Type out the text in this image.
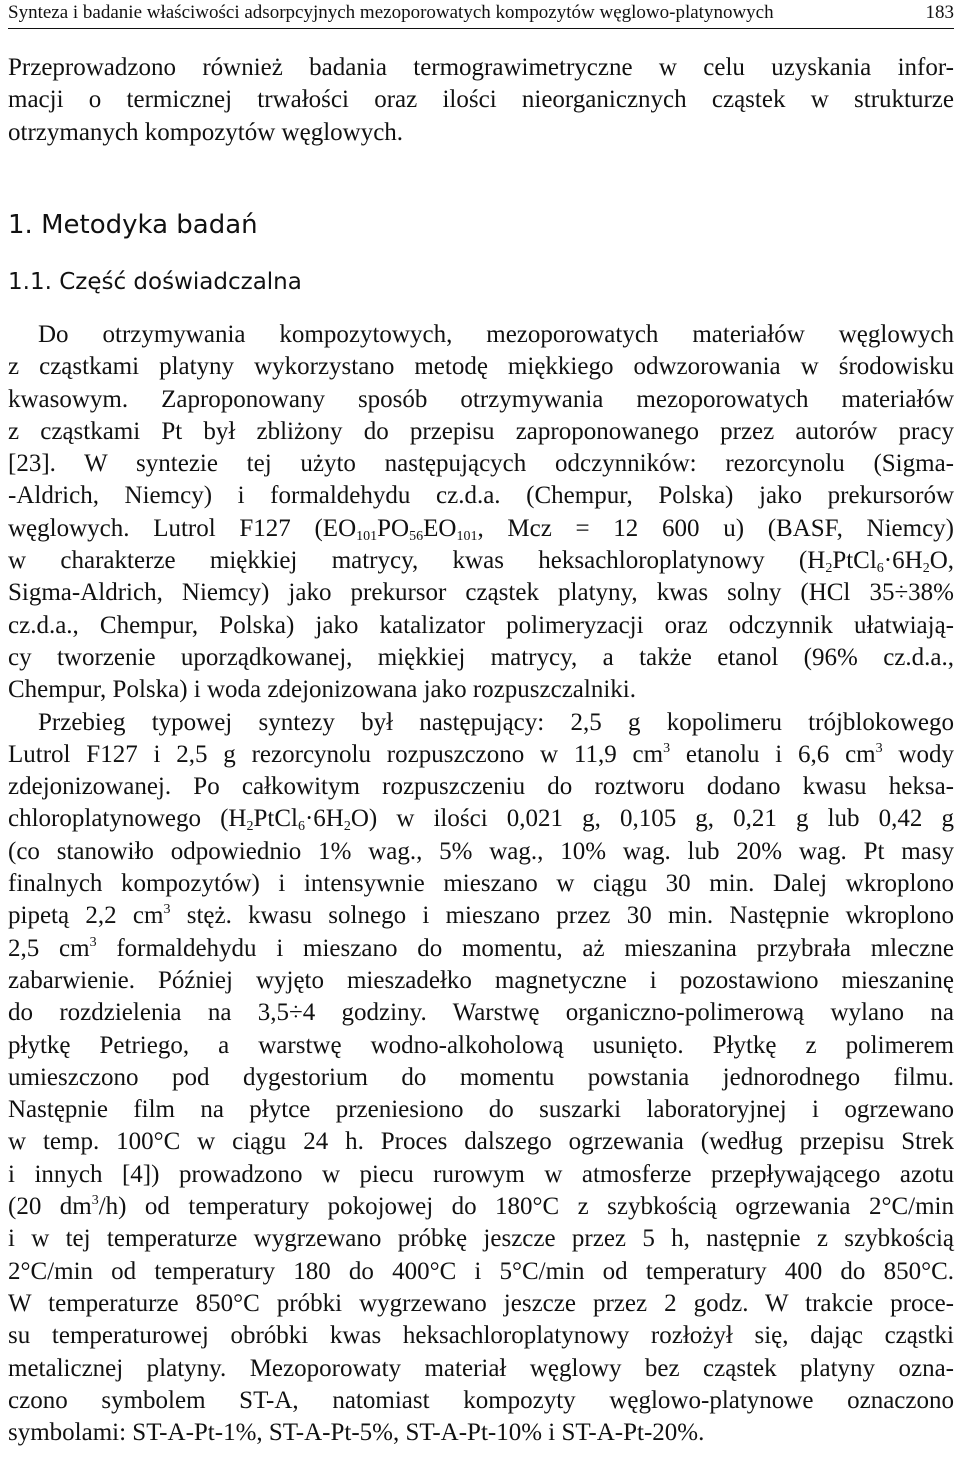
Synteza i badanie właściwości adsorpcyjnych mezoporowatych kompozytów węglowo-platynowych	183

Przeprowadzono również badania termograwimetryczne w celu uzyskania infor-
macji o termicznej trwałości oraz ilości nieorganicznych cząstek w strukturze
otrzymanych kompozytów węglowych.

1. Metodyka badań
1.1. Część doświadczalna

Do otrzymywania kompozytowych, mezoporowatych materiałów węglowych
z cząstkami platyny wykorzystano metodę miękkiego odwzorowania w środowisku
kwasowym. Zaproponowany sposób otrzymywania mezoporowatych materiałów
z cząstkami Pt był zbliżony do przepisu zaproponowanego przez autorów pracy
[23]. W syntezie tej użyto następujących odczynników: rezorcynolu (Sigma-
-Aldrich, Niemcy) i formaldehydu cz.d.a. (Chempur, Polska) jako prekursorów
węglowych. Lutrol F127 ($EO_{101}PO_{56}EO_{101}$, Mcz = 12 600 u) (BASF, Niemcy)
w charakterze miękkiej matrycy, kwas heksachloroplatynowy ($H_2PtCl_6\cdot 6H_2O$,
Sigma-Aldrich, Niemcy) jako prekursor cząstek platyny, kwas solny (HCl 35÷38%
cz.d.a., Chempur, Polska) jako katalizator polimeryzacji oraz odczynnik ułatwiają-
cy tworzenie uporządkowanej, miękkiej matrycy, a także etanol (96% cz.d.a.,
Chempur, Polska) i woda zdejonizowana jako rozpuszczalniki.

Przebieg typowej syntezy był następujący: 2,5 g kopolimeru trójblokowego
Lutrol F127 i 2,5 g rezorcynolu rozpuszczono w 11,9 $cm^3$ etanolu i 6,6 $cm^3$ wody
zdejonizowanej. Po całkowitym rozpuszczeniu do roztworu dodano kwasu heksa-
chloroplatynowego $(H_2PtCl_6\cdot 6H_2O)$ w ilości 0,021 g, 0,105 g, 0,21 g lub 0,42 g
(co stanowiło odpowiednio 1% wag., 5% wag., 10% wag. lub 20% wag. Pt masy
finalnych kompozytów) i intensywnie mieszano w ciągu 30 min. Dalej wkroplono
pipetą 2,2 $cm^3$ stęż. kwasu solnego i mieszano przez 30 min. Następnie wkroplono
2,5 $cm^3$ formaldehydu i mieszano do momentu, aż mieszanina przybrała mleczne
zabarwienie. Później wyjęto mieszadełko magnetyczne i pozostawiono mieszaninę
do rozdzielenia na 3,5÷4 godziny. Warstwę organiczno-polimerową wylano na
płytkę Petriego, a warstwę wodno-alkoholową usunięto. Płytkę z polimerem
umieszczono pod dygestorium do momentu powstania jednorodnego filmu.
Następnie film na płytce przeniesiono do suszarki laboratoryjnej i ogrzewano
w temp. 100°C w ciągu 24 h. Proces dalszego ogrzewania (według przepisu Strek
i innych [4]) prowadzono w piecu rurowym w atmosferze przepływającego azotu
(20 $dm^3/h$) od temperatury pokojowej do 180°C z szybkością ogrzewania 2°C/min
i w tej temperaturze wygrzewano próbkę jeszcze przez 5 h, następnie z szybkością
2°C/min od temperatury 180 do 400°C i 5°C/min od temperatury 400 do 850°C.
W temperaturze 850°C próbki wygrzewano jeszcze przez 2 godz. W trakcie proce-
su temperaturowej obróbki kwas heksachloroplatynowy rozłożył się, dając cząstki
metalicznej platyny. Mezoporowaty materiał węglowy bez cząstek platyny ozna-
czono symbolem ST-A, natomiast kompozyty węglowo-platynowe oznaczono
symbolami: ST-A-Pt-1%, ST-A-Pt-5%, ST-A-Pt-10% i ST-A-Pt-20%.
